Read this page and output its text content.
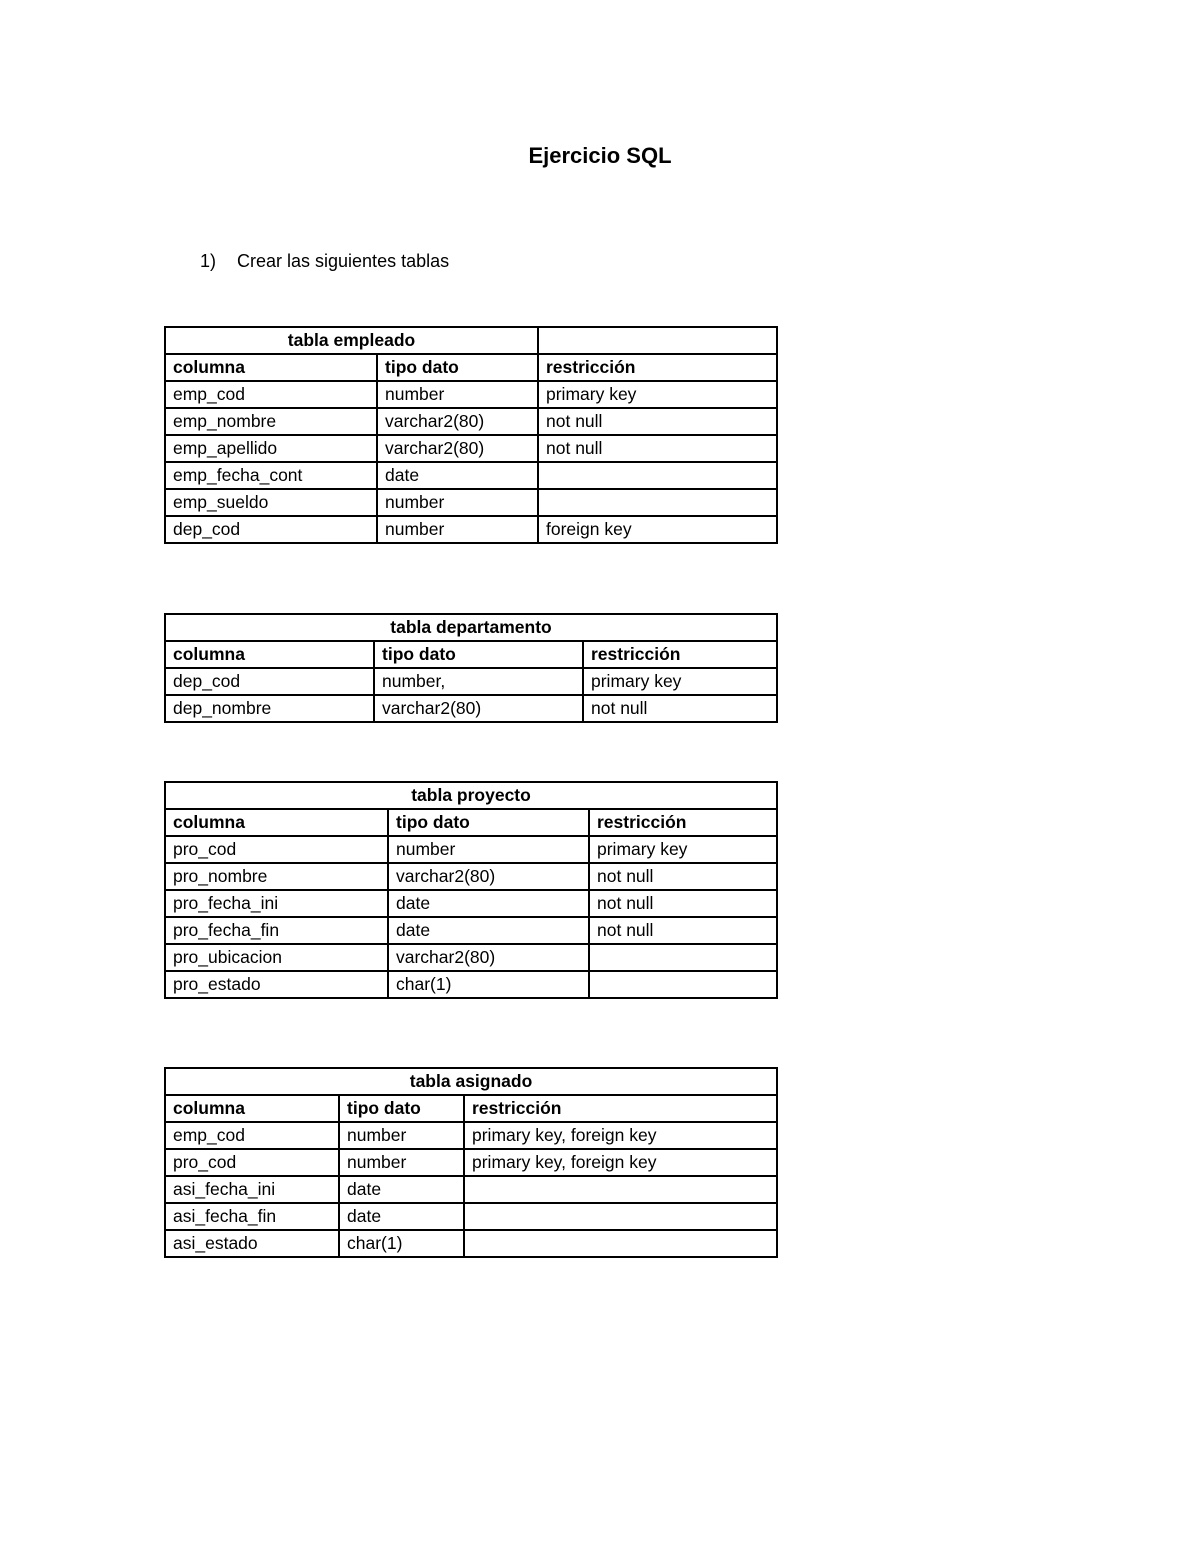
Ejercicio SQL

1) Crear las siguientes tablas

tabla empleado		
columna	tipo dato	restricción
emp_cod	number	primary key
emp_nombre	varchar2(80)	not null
emp_apellido	varchar2(80)	not null
emp_fecha_cont	date	
emp_sueldo	number	
dep_cod	number	foreign key
tabla departamento		
columna	tipo dato	restricción
dep_cod	number,	primary key
dep_nombre	varchar2(80)	not null
tabla proyecto		
columna	tipo dato	restricción
pro_cod	number	primary key
pro_nombre	varchar2(80)	not null
pro_fecha_ini	date	not null
pro_fecha_fin	date	not null
pro_ubicacion	varchar2(80)	
pro_estado	char(1)	
tabla asignado		
columna	tipo dato	restricción
emp_cod	number	primary key, foreign key
pro_cod	number	primary key, foreign key
asi_fecha_ini	date	
asi_fecha_fin	date	
asi_estado	char(1)	
